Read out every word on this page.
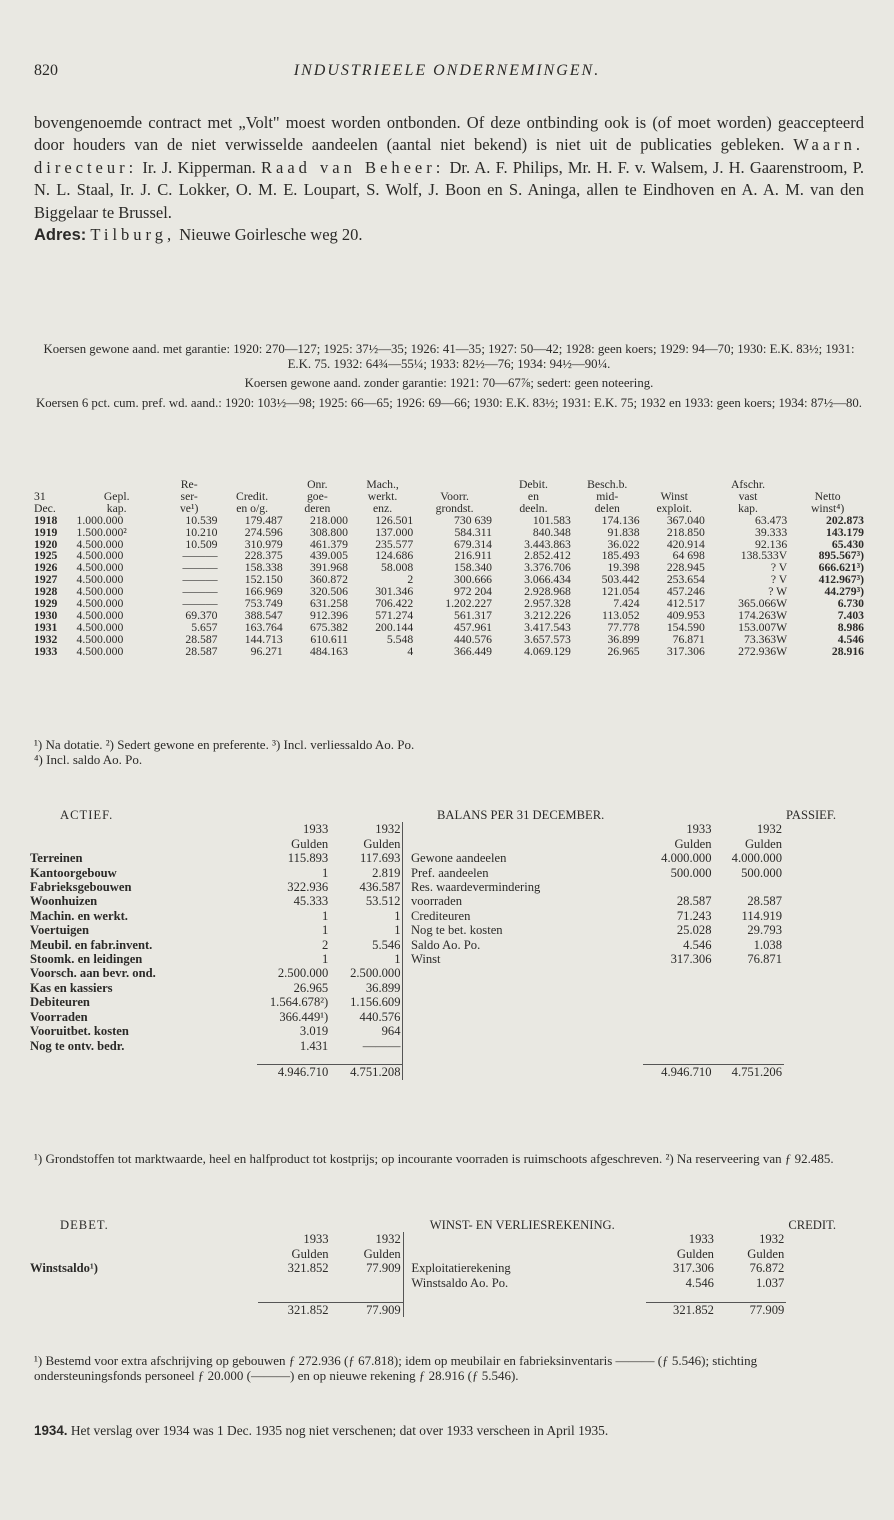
820	INDUSTRIEELE ONDERNEMINGEN.

bovengenoemde contract met „Volt" moest worden ontbonden. Of deze ontbinding ook is (of moet worden) geaccepteerd door houders van de niet verwisselde aandeelen (aantal niet bekend) is niet uit de publicaties gebleken. Waarn. directeur: Ir. J. Kipperman. Raad van Beheer: Dr. A. F. Philips, Mr. H. F. v. Walsem, J. H. Gaarenstroom, P. N. L. Staal, Ir. J. C. Lokker, O. M. E. Loupart, S. Wolf, J. Boon en S. Aninga, allen te Eindhoven en A. A. M. van den Biggelaar te Brussel.

Adres: Tilburg, Nieuwe Goirlesche weg 20.

Koersen gewone aand. met garantie: 1920: 270—127; 1925: 37½—35; 1926: 41—35; 1927: 50—42; 1928: geen koers; 1929: 94—70; 1930: E.K. 83½; 1931: E.K. 75. 1932: 64¾—55¼; 1933: 82½—76; 1934: 94½—90¼.

Koersen gewone aand. zonder garantie: 1921: 70—67⅞; sedert: geen noteering.

Koersen 6 pct. cum. pref. wd. aand.: 1920: 103½—98; 1925: 66—65; 1926: 69—66; 1930: E.K. 83½; 1931: E.K. 75; 1932 en 1933: geen koers; 1934: 87½—80.

		Re-		Onr.	Mach.,		Debit.	Besch.b.		Afschr.	
31	Gepl.	ser-	Credit.	goe-	werkt.	Voorr.	en	mid-	Winst	vast	Netto
Dec.	kap.	ve¹)	en o/g.	deren	enz.	grondst.	deeln.	delen	exploit.	kap.	winst⁴)
1918	1.000.000	10.539	179.487	218.000	126.501	730 639	101.583	174.136	367.040	63.473	202.873
1919	1.500.000²	10.210	274.596	308.800	137.000	584.311	840.348	91.838	218.850	39.333	143.179
1920	4.500.000	10.509	310.979	461.379	235.577	679.314	3.443.863	36.022	420.914	92.136	65.430
1925	4.500.000	———	228.375	439.005	124.686	216.911	2.852.412	185.493	64 698	138.533V	895.567³)
1926	4.500.000	———	158.338	391.968	58.008	158.340	3.376.706	19.398	228.945	? V	666.621³)
1927	4.500.000	———	152.150	360.872	2	300.666	3.066.434	503.442	253.654	? V	412.967³)
1928	4.500.000	———	166.969	320.506	301.346	972 204	2.928.968	121.054	457.246	? W	44.279³)
1929	4.500.000	———	753.749	631.258	706.422	1.202.227	2.957.328	7.424	412.517	365.066W	6.730
1930	4.500.000	69.370	388.547	912.396	571.274	561.317	3.212.226	113.052	409.953	174.263W	7.403
1931	4.500.000	5.657	163.764	675.382	200.144	457.961	3.417.543	77.778	154.590	153.007W	8.986
1932	4.500.000	28.587	144.713	610.611	5.548	440.576	3.657.573	36.899	76.871	73.363W	4.546
1933	4.500.000	28.587	96.271	484.163	4	366.449	4.069.129	26.965	317.306	272.936W	28.916
¹) Na dotatie. ²) Sedert gewone en preferente. ³) Incl. verliessaldo Ao. Po.
⁴) Incl. saldo Ao. Po.
ACTIEF.	BALANS PER 31 DECEMBER.						PASSIEF.
	1933	1932			1933	1932	
	Gulden	Gulden			Gulden	Gulden	
Terreinen	115.893	117.693		Gewone aandeelen	4.000.000	4.000.000	
Kantoorgebouw	1	2.819		Pref. aandeelen	500.000	500.000	
Fabrieksgebouwen	322.936	436.587		Res. waardevermindering			
Woonhuizen	45.333	53.512		voorraden	28.587	28.587	
Machin. en werkt.	1	1		Crediteuren	71.243	114.919	
Voertuigen	1	1		Nog te bet. kosten	25.028	29.793	
Meubil. en fabr.invent.	2	5.546		Saldo Ao. Po.	4.546	1.038	
Stoomk. en leidingen	1	1		Winst	317.306	76.871	
Voorsch. aan bevr. ond.	2.500.000	2.500.000					
Kas en kassiers	26.965	36.899					
Debiteuren	1.564.678²)	1.156.609					
Voorraden	366.449¹)	440.576					
Vooruitbet. kosten	3.019	964					
Nog te ontv. bedr.	1.431	———					

	4.946.710	4.751.208			4.946.710	4.751.206	
¹) Grondstoffen tot marktwaarde, heel en halfproduct tot kostprijs; op incourante voorraden is ruimschoots afgeschreven. ²) Na reserveering van ƒ 92.485.
DEBET.	WINST- EN VERLIESREKENING.						CREDIT.
	1933	1932			1933	1932	
	Gulden	Gulden			Gulden	Gulden	
Winstsaldo¹)	321.852	77.909		Exploitatierekening	317.306	76.872	
				Winstsaldo Ao. Po.	4.546	1.037	

	321.852	77.909			321.852	77.909	
¹) Bestemd voor extra afschrijving op gebouwen ƒ 272.936 (ƒ 67.818); idem op meubilair en fabrieksinventaris ——— (ƒ 5.546); stichting ondersteuningsfonds personeel ƒ 20.000 (———) en op nieuwe rekening ƒ 28.916 (ƒ 5.546).
1934. Het verslag over 1934 was 1 Dec. 1935 nog niet verschenen; dat over 1933 verscheen in April 1935.
